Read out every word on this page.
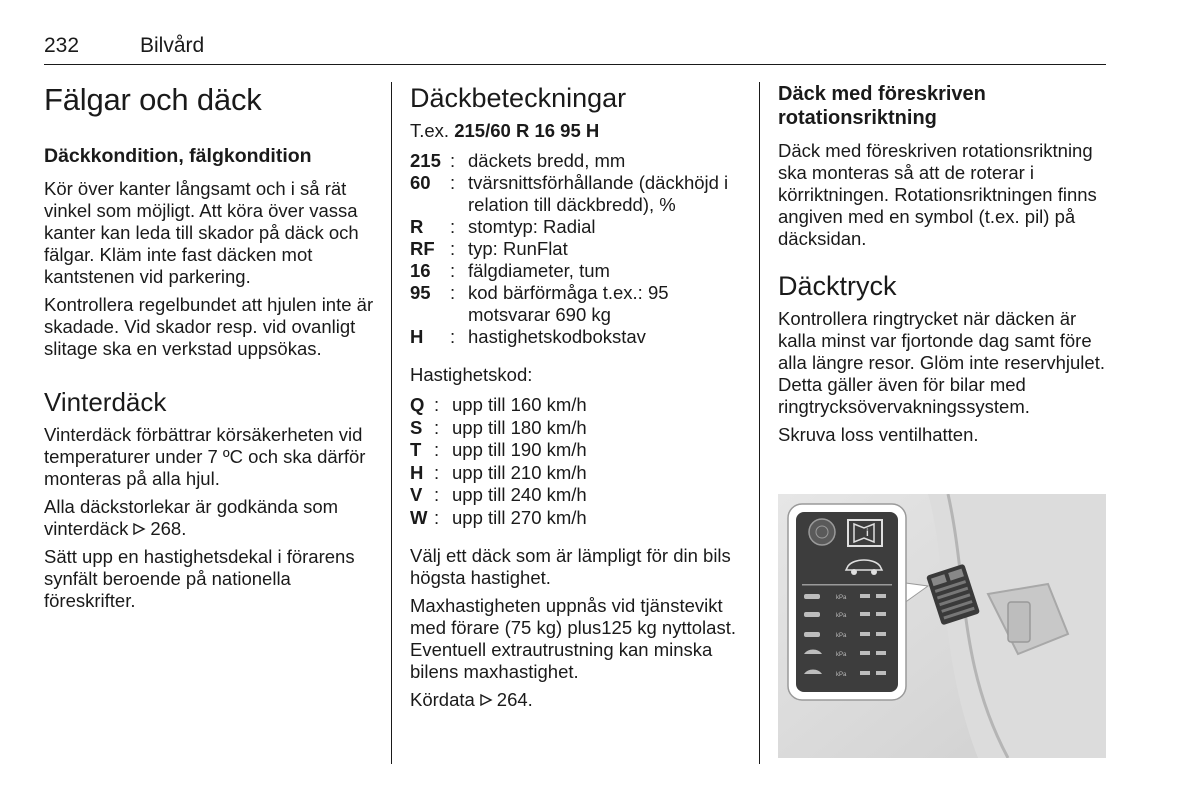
232	Bilvård
Fälgar och däck
Däckkondition, fälgkondition

Kör över kanter långsamt och i så rät vinkel som möjligt. Att köra över vassa kanter kan leda till skador på däck och fälgar. Kläm inte fast däcken mot kantstenen vid parkering.

Kontrollera regelbundet att hjulen inte är skadade. Vid skador resp. vid ovanligt slitage ska en verkstad uppsökas.

Vinterdäck

Vinterdäck förbättrar körsäkerheten vid temperaturer under 7 ºC och ska därför monteras på alla hjul.

Alla däckstorlekar är godkända som vinterdäck 268.

Sätt upp en hastighetsdekal i förarens synfält beroende på nationella föreskrifter.

Däckbeteckningar

T.ex. 215/60 R 16 95 H

215 : däckets bredd, mm
60	: tvärsnittsförhållande (däckhöjd i relation till däckbredd), %
R	: stomtyp: Radial
RF : typ: RunFlat
16	: fälgdiameter, tum
95	: kod bärförmåga t.ex.: 95 motsvarar 690 kg
H	: hastighetskodbokstav

Hastighetskod:

Q : upp till 160 km/h
S : upp till 180 km/h
T : upp till 190 km/h
H : upp till 210 km/h
V : upp till 240 km/h
W : upp till 270 km/h

Välj ett däck som är lämpligt för din bils högsta hastighet.

Maxhastigheten uppnås vid tjänstevikt med förare (75 kg) plus125 kg nyttolast. Eventuell extrautrustning kan minska bilens maxhastighet.

Kördata 264.

Däck med föreskriven rotationsriktning

Däck med föreskriven rotationsriktning ska monteras så att de roterar i körriktningen. Rotationsriktningen finns angiven med en symbol (t.ex. pil) på däcksidan.

Däcktryck

Kontrollera ringtrycket när däcken är kalla minst var fjortonde dag samt före alla längre resor. Glöm inte reservhjulet. Detta gäller även för bilar med ringtrycksövervakningssystem.

Skruva loss ventilhatten.

i
kPa
kPa
kPa
kPa
kPa
